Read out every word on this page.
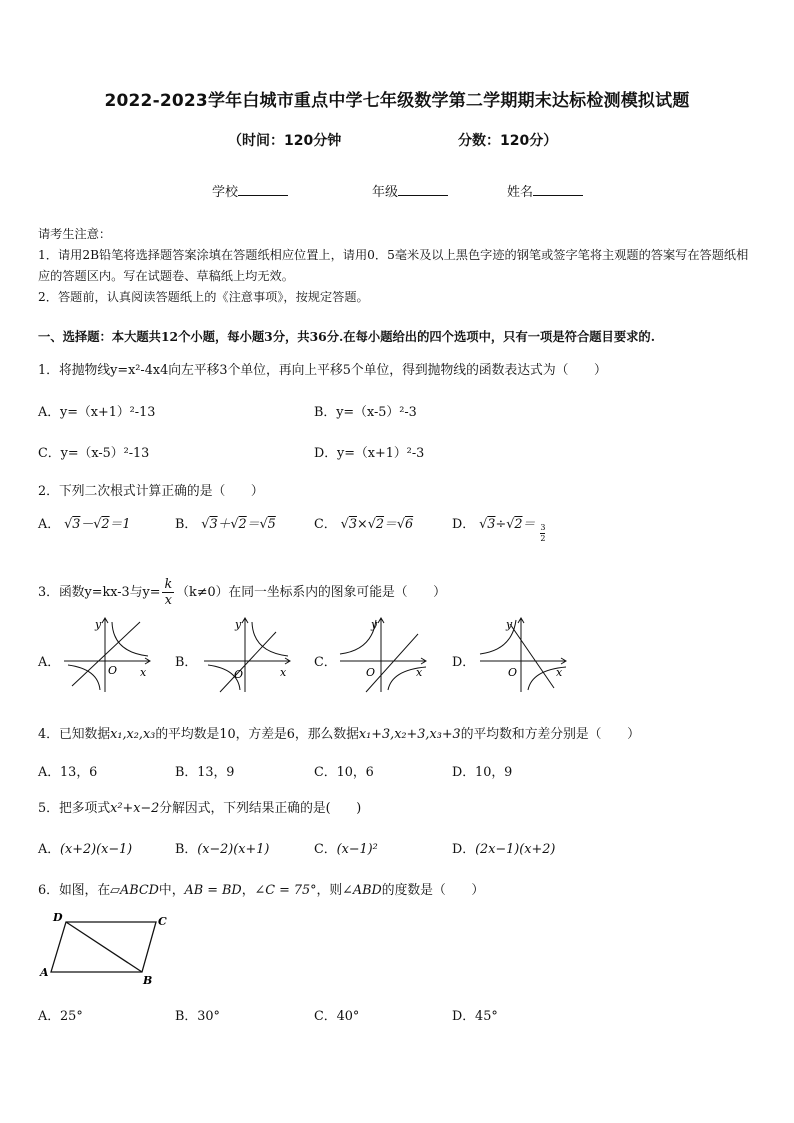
2022-2023学年白城市重点中学七年级数学第二学期期末达标检测模拟试题
（时间：120分钟	分数：120分）
学校	年级	姓名

请考生注意：

1．请用2B铅笔将选择题答案涂填在答题纸相应位置上，请用0．5毫米及以上黑色字迹的钢笔或签字笔将主观题的答案写在答题纸相应的答题区内。写在试题卷、草稿纸上均无效。

2．答题前，认真阅读答题纸上的《注意事项》，按规定答题。

一、选择题：本大题共12个小题，每小题3分，共36分.在每小题给出的四个选项中，只有一项是符合题目要求的.
1．将抛物线y=x²-4x4向左平移3个单位，再向上平移5个单位，得到抛物线的函数表达式为（　　）
A．y=（x+1）²-13	B．y=（x-5）²-3
C．y=（x-5）²-13	D．y=（x+1）²-3
2．下列二次根式计算正确的是（　　）
A． √3－√2＝1	B． √3＋√2＝√5	C． √3×√2＝√6	D． $√3\div√2= \frac{3}{2}$
3．函数y=kx-3与$y= \frac{k}{x} (k\ne 0)$在同一坐标系内的图象可能是（　　）
A．	B．	C．	D．
y
x
O
y
x
O
y
x
O
y
x
O
4．已知数据x₁,x₂,x₃的平均数是10，方差是6，那么数据x₁+3,x₂+3,x₃+3的平均数和方差分别是（　　）
A．13，6	B．13，9	C．10，6	D．10，9
5．把多项式x²+x−2分解因式，下列结果正确的是(　　)
A．(x+2)(x−1)	B．(x−2)(x+1)	C．(x−1)²	D．(2x−1)(x+2)
6．如图，在▱ABCD中，AB = BD，∠C = 75°，则∠ABD的度数是（　　）
D	C
A
B
A．25°	B．30°	C．40°	D．45°
